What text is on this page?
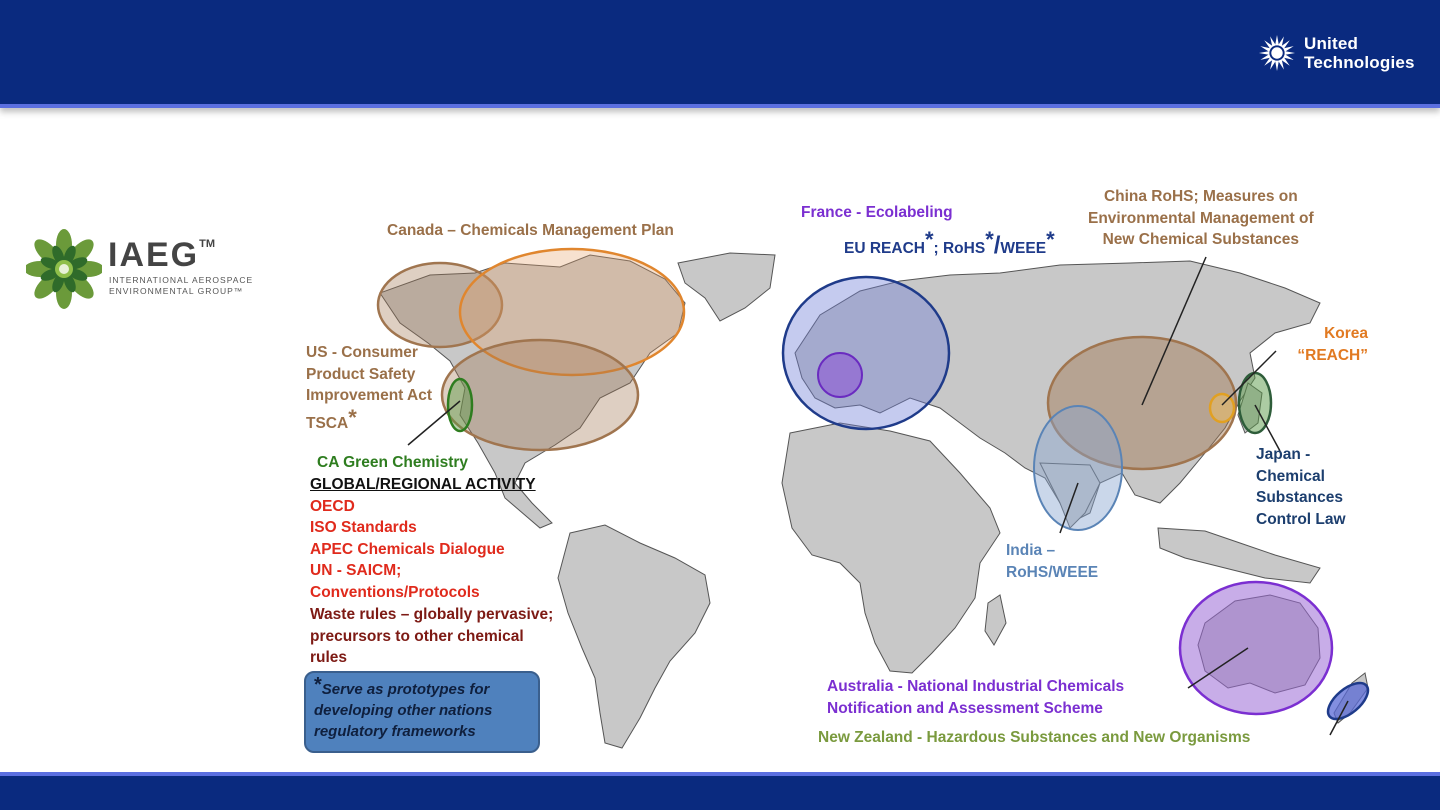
United
Technologies
IAEG™
INTERNATIONAL AEROSPACE
ENVIRONMENTAL GROUP™
Canada – Chemicals Management Plan
US - Consumer
Product Safety
Improvement Act
TSCA*
CA Green Chemistry
GLOBAL/REGIONAL ACTIVITY
OECD
ISO Standards
APEC Chemicals Dialogue
UN - SAICM;
Conventions/Protocols
Waste rules – globally pervasive;
precursors to other chemical
rules
*Serve as prototypes for
developing other nations
regulatory frameworks
France - Ecolabeling
EU REACH*; RoHS*/WEEE*
China RoHS; Measures on
Environmental Management of
New Chemical Substances
Korea
“REACH”
Japan -
Chemical
Substances
Control Law
India –
RoHS/WEEE
Australia - National Industrial Chemicals
Notification and Assessment Scheme
New Zealand - Hazardous Substances and New Organisms
